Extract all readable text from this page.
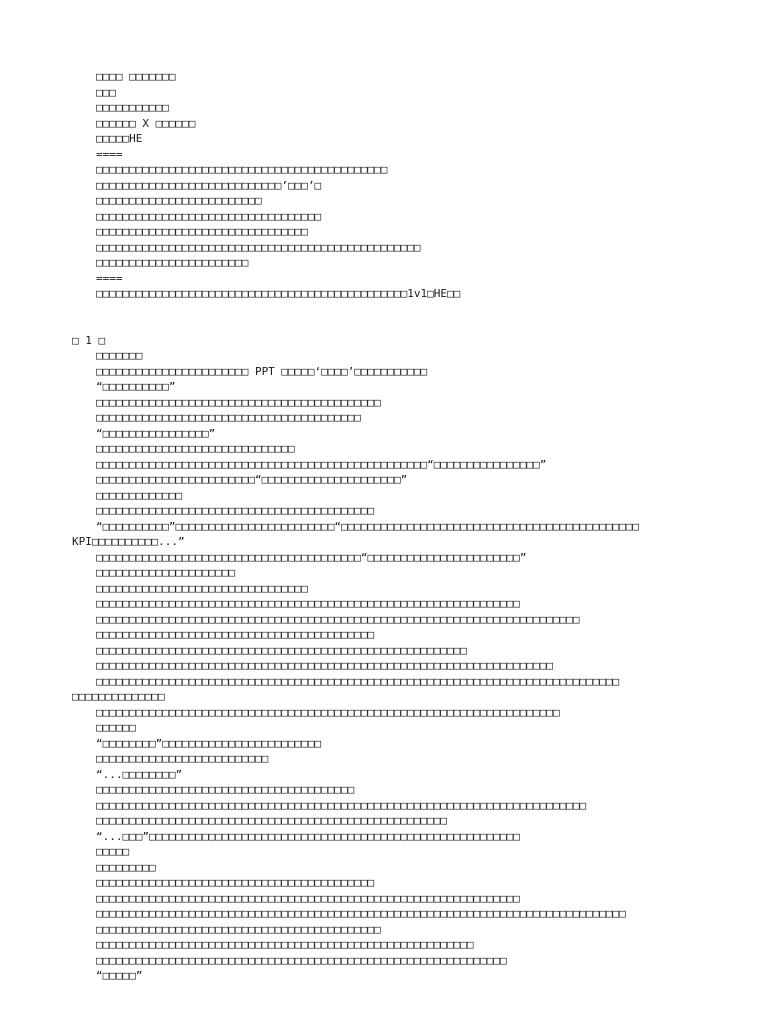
□□□□ □□□□□□□
□□□
□□□□□□□□□□□
□□□□□□ X □□□□□□
□□□□□HE
====
□□□□□□□□□□□□□□□□□□□□□□□□□□□□□□□□□□□□□□□□□□□□
□□□□□□□□□□□□□□□□□□□□□□□□□□□□’□□□’□
□□□□□□□□□□□□□□□□□□□□□□□□□
□□□□□□□□□□□□□□□□□□□□□□□□□□□□□□□□□□
□□□□□□□□□□□□□□□□□□□□□□□□□□□□□□□□
□□□□□□□□□□□□□□□□□□□□□□□□□□□□□□□□□□□□□□□□□□□□□□□□□
□□□□□□□□□□□□□□□□□□□□□□□
====
□□□□□□□□□□□□□□□□□□□□□□□□□□□□□□□□□□□□□□□□□□□□□□□1v1□HE□□
□ 1 □
□□□□□□□
□□□□□□□□□□□□□□□□□□□□□□□ PPT □□□□□‘□□□□’□□□□□□□□□□□
“□□□□□□□□□□”
□□□□□□□□□□□□□□□□□□□□□□□□□□□□□□□□□□□□□□□□□□□
□□□□□□□□□□□□□□□□□□□□□□□□□□□□□□□□□□□□□□□□
“□□□□□□□□□□□□□□□□”
□□□□□□□□□□□□□□□□□□□□□□□□□□□□□□
□□□□□□□□□□□□□□□□□□□□□□□□□□□□□□□□□□□□□□□□□□□□□□□□□□“□□□□□□□□□□□□□□□□”
□□□□□□□□□□□□□□□□□□□□□□□□“□□□□□□□□□□□□□□□□□□□□□”
□□□□□□□□□□□□□
□□□□□□□□□□□□□□□□□□□□□□□□□□□□□□□□□□□□□□□□□□
“□□□□□□□□□□”□□□□□□□□□□□□□□□□□□□□□□□□“□□□□□□□□□□□□□□□□□□□□□□□□□□□□□□□□□□□□□□□□□□□□□
KPI□□□□□□□□□□...”
□□□□□□□□□□□□□□□□□□□□□□□□□□□□□□□□□□□□□□□□“□□□□□□□□□□□□□□□□□□□□□□□”
□□□□□□□□□□□□□□□□□□□□□
□□□□□□□□□□□□□□□□□□□□□□□□□□□□□□□□
□□□□□□□□□□□□□□□□□□□□□□□□□□□□□□□□□□□□□□□□□□□□□□□□□□□□□□□□□□□□□□□□
□□□□□□□□□□□□□□□□□□□□□□□□□□□□□□□□□□□□□□□□□□□□□□□□□□□□□□□□□□□□□□□□□□□□□□□□□
□□□□□□□□□□□□□□□□□□□□□□□□□□□□□□□□□□□□□□□□□□
□□□□□□□□□□□□□□□□□□□□□□□□□□□□□□□□□□□□□□□□□□□□□□□□□□□□□□□□
□□□□□□□□□□□□□□□□□□□□□□□□□□□□□□□□□□□□□□□□□□□□□□□□□□□□□□□□□□□□□□□□□□□□□
□□□□□□□□□□□□□□□□□□□□□□□□□□□□□□□□□□□□□□□□□□□□□□□□□□□□□□□□□□□□□□□□□□□□□□□□□□□□□□□
□□□□□□□□□□□□□□
□□□□□□□□□□□□□□□□□□□□□□□□□□□□□□□□□□□□□□□□□□□□□□□□□□□□□□□□□□□□□□□□□□□□□□
□□□□□□
“□□□□□□□□”□□□□□□□□□□□□□□□□□□□□□□□□
□□□□□□□□□□□□□□□□□□□□□□□□□□
“...□□□□□□□□”
□□□□□□□□□□□□□□□□□□□□□□□□□□□□□□□□□□□□□□□
□□□□□□□□□□□□□□□□□□□□□□□□□□□□□□□□□□□□□□□□□□□□□□□□□□□□□□□□□□□□□□□□□□□□□□□□□□
□□□□□□□□□□□□□□□□□□□□□□□□□□□□□□□□□□□□□□□□□□□□□□□□□□□□□
“...□□□”□□□□□□□□□□□□□□□□□□□□□□□□□□□□□□□□□□□□□□□□□□□□□□□□□□□□□□□□
□□□□□
□□□□□□□□□
□□□□□□□□□□□□□□□□□□□□□□□□□□□□□□□□□□□□□□□□□□
□□□□□□□□□□□□□□□□□□□□□□□□□□□□□□□□□□□□□□□□□□□□□□□□□□□□□□□□□□□□□□□□
□□□□□□□□□□□□□□□□□□□□□□□□□□□□□□□□□□□□□□□□□□□□□□□□□□□□□□□□□□□□□□□□□□□□□□□□□□□□□□□□
□□□□□□□□□□□□□□□□□□□□□□□□□□□□□□□□□□□□□□□□□□□
□□□□□□□□□□□□□□□□□□□□□□□□□□□□□□□□□□□□□□□□□□□□□□□□□□□□□□□□□
□□□□□□□□□□□□□□□□□□□□□□□□□□□□□□□□□□□□□□□□□□□□□□□□□□□□□□□□□□□□□□
“□□□□□”
